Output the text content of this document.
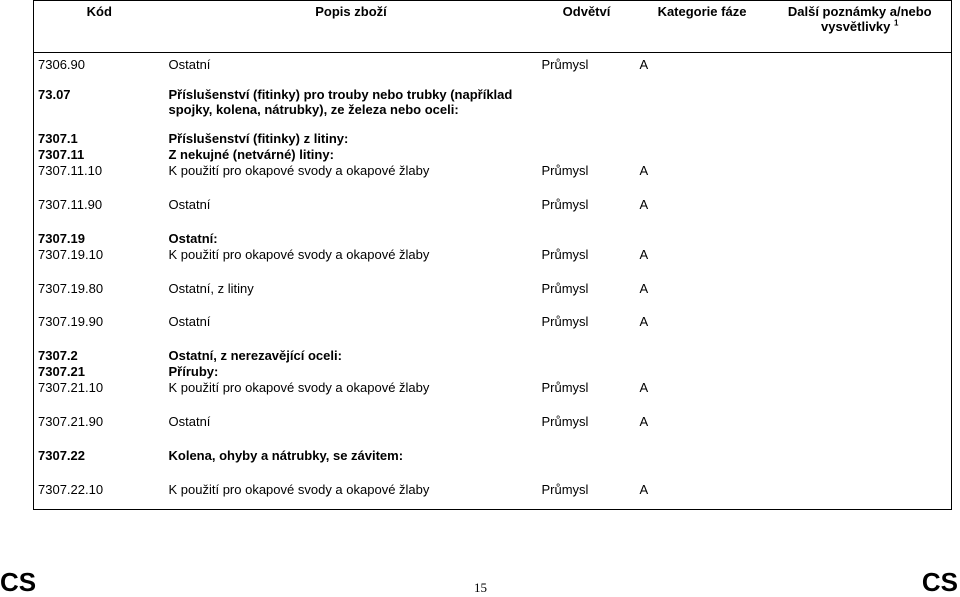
Kód	Popis zboží	Odvětví	Kategorie fáze	Další poznámky a/nebo vysvětlivky $^1$
7306.90	Ostatní	Průmysl	A	
73.07	Příslušenství (fitinky) pro trouby nebo trubky (například spojky, kolena, nátrubky), ze železa nebo oceli:			
7307.1	Příslušenství (fitinky) z litiny:			
7307.11	Z nekujné (netvárné) litiny:			
7307.11.10	K použití pro okapové svody a okapové žlaby	Průmysl	A	
7307.11.90	Ostatní	Průmysl	A	
7307.19	Ostatní:			
7307.19.10	K použití pro okapové svody a okapové žlaby	Průmysl	A	
7307.19.80	Ostatní, z litiny	Průmysl	A	
7307.19.90	Ostatní	Průmysl	A	
7307.2	Ostatní, z nerezavějící oceli:			
7307.21	Příruby:			
7307.21.10	K použití pro okapové svody a okapové žlaby	Průmysl	A	
7307.21.90	Ostatní	Průmysl	A	
7307.22	Kolena, ohyby a nátrubky, se závitem:			
7307.22.10	K použití pro okapové svody a okapové žlaby	Průmysl	A	
CS	15	CS
